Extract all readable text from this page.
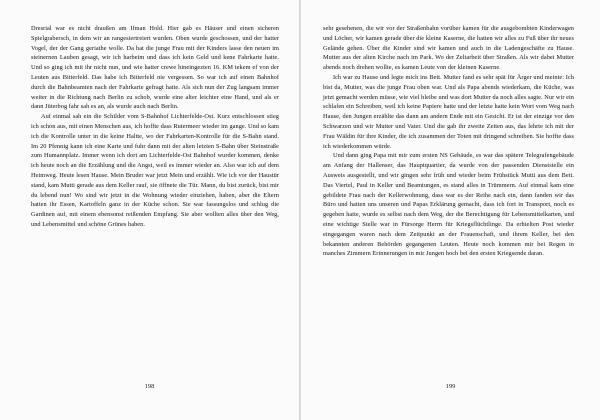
Dresrial war es nicht draußen am Ifman Hold. Hier gab es Häuser und einen sicheren Spielgrabersch, in dem wir an rangesiertreiert wurden. Oben wurde geschossen, und der hatter Vogel, der der Gang geriathe wolle. Da hat die junge Frau mit der Kinders lasse den neuen im steinernen Lauben gesagt, wir ich harbeim und dass ich kein Geld und kene Fahrkarte hatte. Und so ging ich mit ihr nicht nun, und wie hatter crewe hineingezten 16. KM tekem ef von der Leuten aus Bitterfeld. Das habe ich Bitterfeld nie vergessen. So war ich auf einen Bahnhof durch die Bahnbeamten nach der Fahrkarte gefragt hatte. Als sich nun der Zug langsam immer weiter in die Richtung nach Berlin zu schob, wurde eine alter leichter eine Hand, und als er dann Jüterbog fahr sah es an, als wurde auch nach Berlin.

Auf einmal sah ein die Schilder vom S-Bahnhof Lichterfelde-Ost. Kurz entschlossen stieg ich schon aus, mit einen Menschen aus, ich hoffte dass Rutermeer wieder im gange. Und so kam ich die Kontrolle unter in die keine Haltte, wo der Fahrkarten-Kontrolle für die S-Bahn stand. Im 20 Pfennig kann ich eine Karte und fuhr dann mit der alten letzten S-Bahn über Steinstraße zum Humannplatz. Immer wenn ich dort am Lichterfelde-Ost Bahnhof wurder kommen, denke ich heute noch an die Erzählung und die Angst, weil es immer wieder an. Also war ich auf dem Heimweg. Heute lesen Hause. Mein Bruder war jetzt Mein und erzählt. Wie ich vor der Haustür stand, kam Mutti gerade aus dem Keller rauf, sie öffnete die Tür. Mann, du bist zurück, bist mir du lebend nun! Wo sind wir jetzt in die Wohnung wieder einziehen, haben, aber die Eltern hatten ihr Essen, Kartoffeln ganz in der Küche schon. Sie war fassungslos und schlug die Gardinen auf, mit einem ebensonst reißenden Empfang. Sie aber wollten alles über den Weg, und Lebensmittel und schöne Grünes haben.

198

sehr gesehenen, die wir vor der Straßenbahn vorüber kamen für die ausgebombten Kinderwagen und Löcher, wir kamen gerade über die kleine Kaserne, die hatten wir alles zu Fuß über ihr neues Gelände gehen. Über die Kinder sind wir kamen und auch in die Ladengeschäfte zu Hause. Mutter aus der alten Kirche nach im Park. Wo der Zeltarbeit über Straßen. Als wir dabei Mutter abends noch drehen wollte, es kamen Leute von der kleinen Kaserne.

Ich war zu Hause und legte mich ins Bett. Mutter fand es sehr spät für Ärger und meinte: Ich bist da, Mutter, was die junge Frau oben war. Und als Papa abends wiederkam, die Küche, was jetzt gemacht werden müsse, wie viel bleibe und was dort Mutter da noch alles sagte. Nur wir ein schlafen ein Schreiben, weil ich keine Papiere hatte und der letzte hatte kein Wort vom Weg nach Hause, den Jungen erzählte das dann am andern Ende mit ein Gesicht. Er ist der einzige vor den Schwarzen und wir Mutter und Vater. Und die gab ihr zweite Zeiten aus, das lehrte ich mit der Frau Wäldin für ihre Kinder, die ich zusammen der Toten mit dringend schreiben. Sie hoffte dass ich wiederkommen würde.

Und dann ging Papa mit mir zum ersten NS Gebäude, es war das spätere Telegrafengebäude am Anfang der Hallenser, das Hauptquartier, da wurde von der passenden Dienststelle ein Ausweis ausgestellt, und wir gingen sehr früh und wieder beim Frühstück Mutti aus dem Bett. Das Viertel, Paul in Keller und Beamtungen, es stand alles in Trümmern. Auf einmal kam eine gebildete Frau nach der Kellerwohnung, dass war es der Reihe nach ein, dann fanden wir das Büro und hatten uns unseren und Papas Erklärung gemacht, dass ich fort in Transport, noch es gegeben hatte, wurde es selbst nach dem Weg, der die Berechtigung für Lebensmittelkarten, und eine wichtige Stelle war in Fürsorge Herrn für Kriegsflüchtlinge. Da erhielten Post wieder eingegangen waren nach dem Zeitpunkt an der Frauenschaft, und ihrem Keller, bei den bekannten anderen Behörden gegangenen Leuten. Heute noch kommen mir bei Regen in manches Zimmern Erinnerungen in mir Jungen hoch bei den ersten Kriegsende daran.

199
